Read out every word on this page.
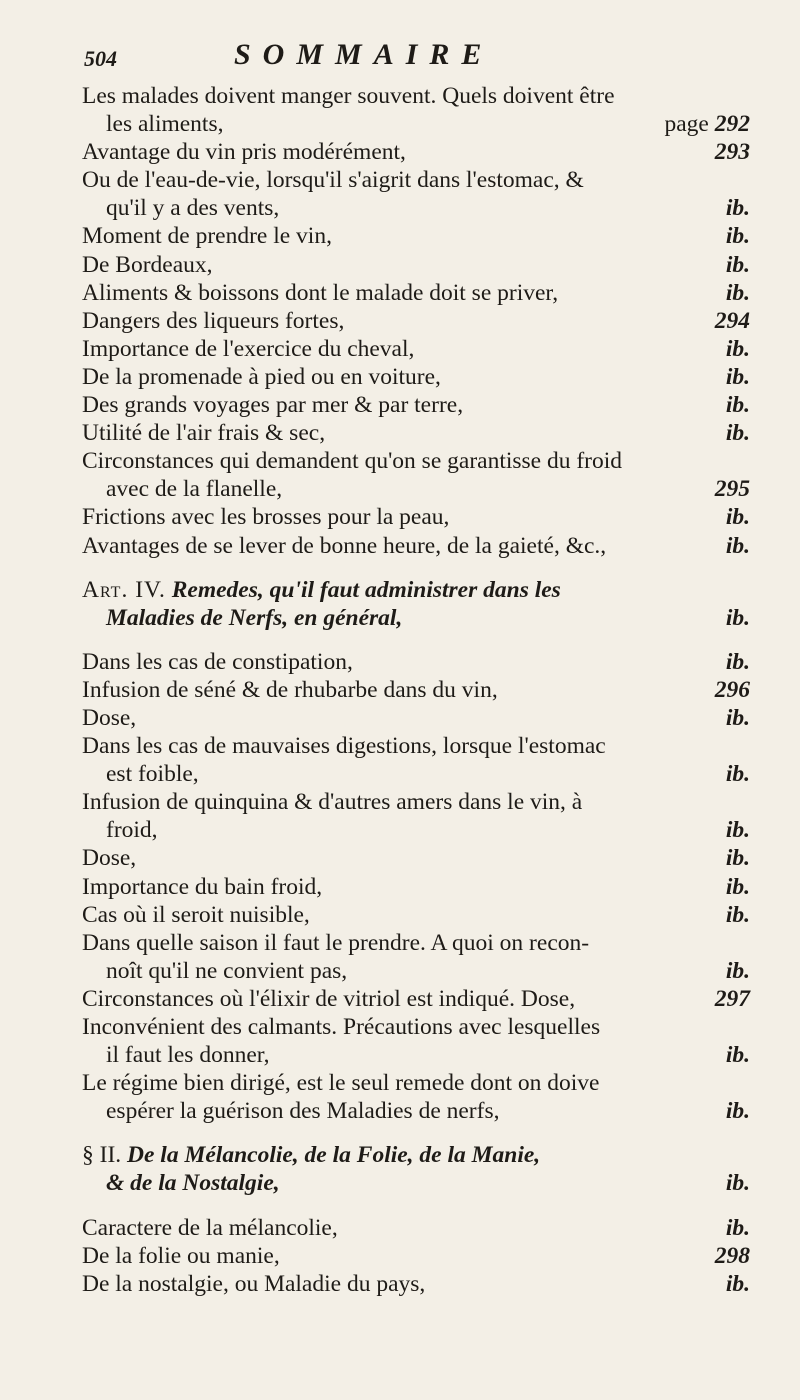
504	SOMMAIRE
Les malades doivent manger souvent. Quels doivent être
les aliments,	page 292
Avantage du vin pris modérément,	293
Ou de l'eau-de-vie, lorsqu'il s'aigrit dans l'estomac, &
qu'il y a des vents,	ib.
Moment de prendre le vin,	ib.
De Bordeaux,	ib.
Aliments & boissons dont le malade doit se priver,	ib.
Dangers des liqueurs fortes,	294
Importance de l'exercice du cheval,	ib.
De la promenade à pied ou en voiture,	ib.
Des grands voyages par mer & par terre,	ib.
Utilité de l'air frais & sec,	ib.
Circonstances qui demandent qu'on se garantisse du froid
avec de la flanelle,	295
Frictions avec les brosses pour la peau,	ib.
Avantages de se lever de bonne heure, de la gaieté, &c.,	ib.
Art. IV. Remedes, qu'il faut administrer dans les
Maladies de Nerfs, en général,	ib.
Dans les cas de constipation,	ib.
Infusion de séné & de rhubarbe dans du vin,	296
Dose,	ib.
Dans les cas de mauvaises digestions, lorsque l'estomac
est foible,	ib.
Infusion de quinquina & d'autres amers dans le vin, à
froid,	ib.
Dose,	ib.
Importance du bain froid,	ib.
Cas où il seroit nuisible,	ib.
Dans quelle saison il faut le prendre. A quoi on recon-
noît qu'il ne convient pas,	ib.
Circonstances où l'élixir de vitriol est indiqué. Dose,	297
Inconvénient des calmants. Précautions avec lesquelles
il faut les donner,	ib.
Le régime bien dirigé, est le seul remede dont on doive
espérer la guérison des Maladies de nerfs,	ib.
§ II. De la Mélancolie, de la Folie, de la Manie,
& de la Nostalgie,	ib.
Caractere de la mélancolie,	ib.
De la folie ou manie,	298
De la nostalgie, ou Maladie du pays,	ib.
